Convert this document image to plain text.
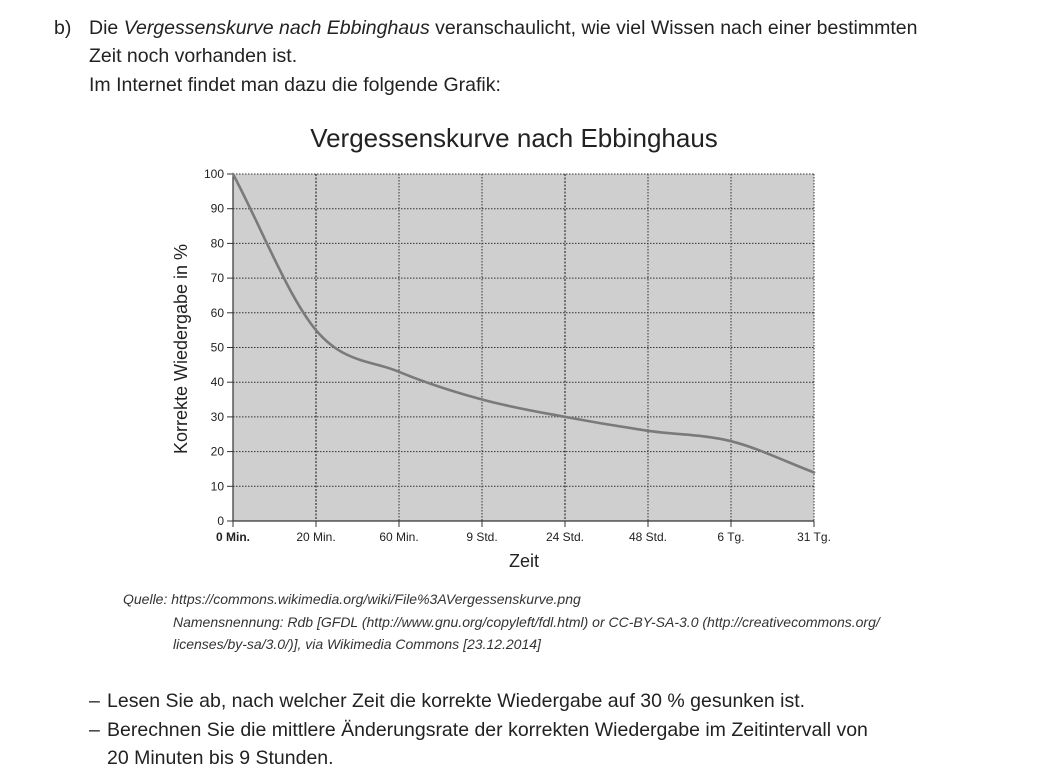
b) Die Vergessenskurve nach Ebbinghaus veranschaulicht, wie viel Wissen nach einer bestimmten
Zeit noch vorhanden ist.
Im Internet findet man dazu die folgende Grafik:
Vergessenskurve nach Ebbinghaus
0
10
20
30
40
50
60
70
80
90
100
0 Min.	20 Min.	60 Min.	9 Std.	24 Std.	48 Std.	6 Tg.	31 Tg.
Zeit
Korrekte Wiedergabe in %
Quelle: https://commons.wikimedia.org/wiki/File%3AVergessenskurve.png
Namensnennung: Rdb [GFDL (http://www.gnu.org/copyleft/fdl.html) or CC-BY-SA-3.0 (http://creativecommons.org/
licenses/by-sa/3.0/)], via Wikimedia Commons [23.12.2014]
– Lesen Sie ab, nach welcher Zeit die korrekte Wiedergabe auf 30 % gesunken ist.
– Berechnen Sie die mittlere Änderungsrate der korrekten Wiedergabe im Zeitintervall von
20 Minuten bis 9 Stunden.
